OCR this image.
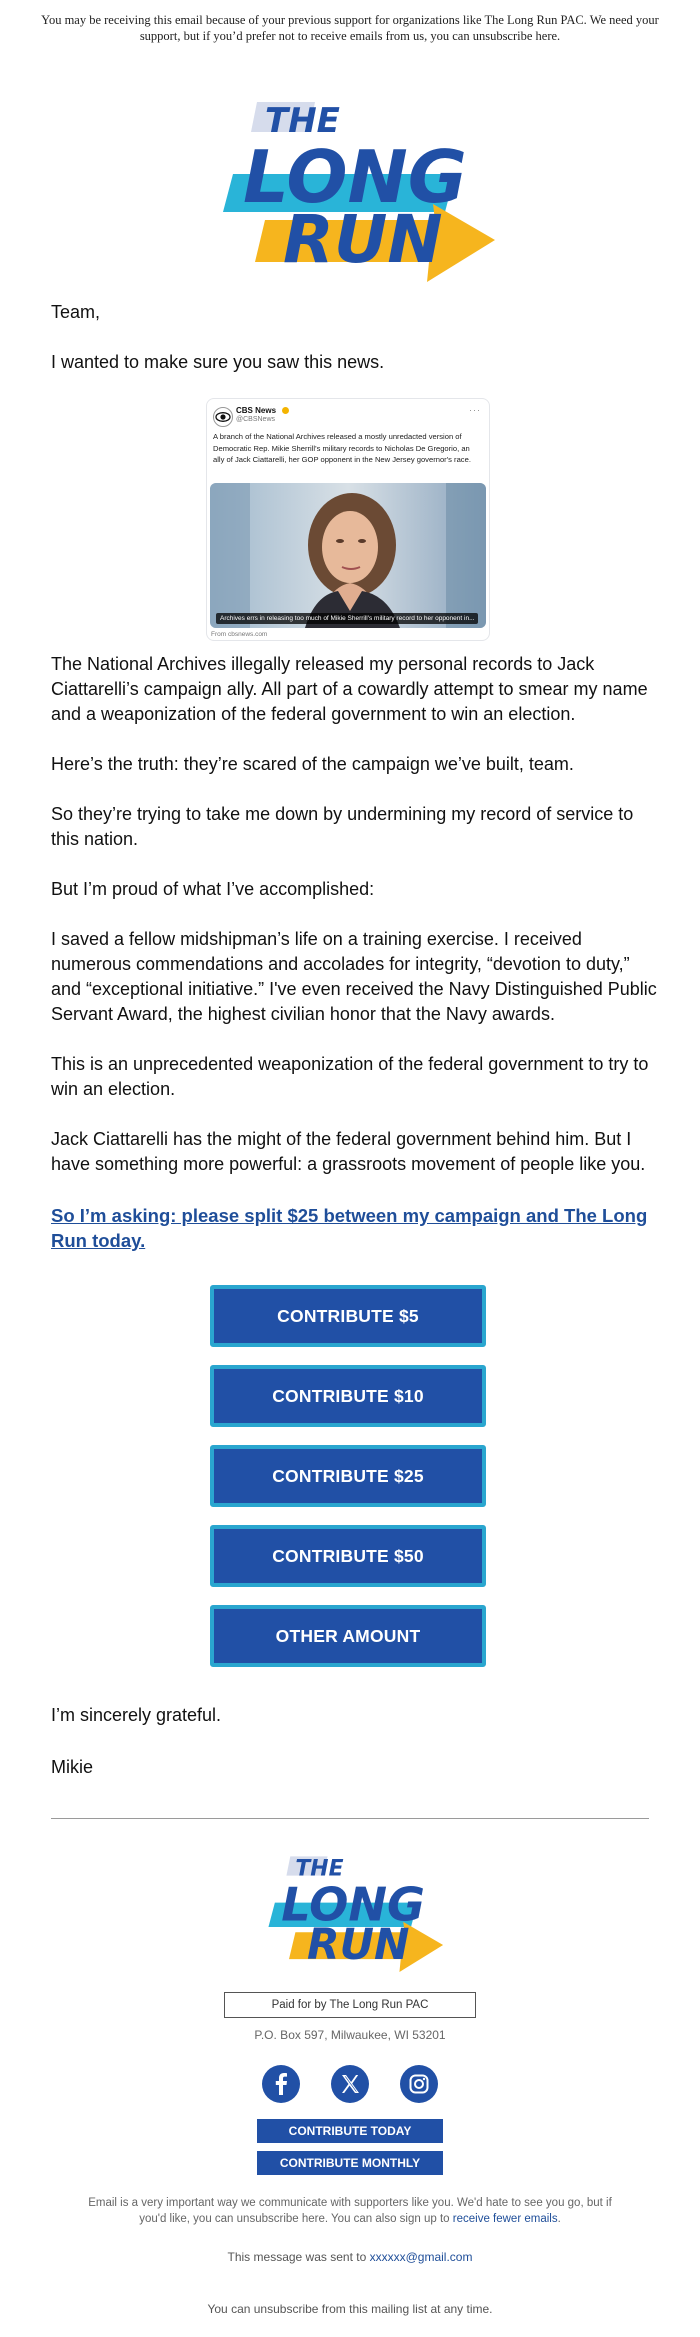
You may be receiving this email because of your previous support for organizations like The Long Run PAC. We need your support, but if you’d prefer not to receive emails from us, you can unsubscribe here.
THE
LONG
RUN
Team,
I wanted to make sure you saw this news.
CBS News
@CBSNews
···
A branch of the National Archives released a mostly unredacted version of Democratic Rep. Mikie Sherrill's military records to Nicholas De Gregorio, an ally of Jack Ciattarelli, her GOP opponent in the New Jersey governor's race.
Archives errs in releasing too much of Mikie Sherrill's military record to her opponent in...
From cbsnews.com
The National Archives illegally released my personal records to Jack Ciattarelli’s campaign ally. All part of a cowardly attempt to smear my name and a weaponization of the federal government to win an election.
Here’s the truth: they’re scared of the campaign we’ve built, team.
So they’re trying to take me down by undermining my record of service to this nation.
But I’m proud of what I’ve accomplished:
I saved a fellow midshipman’s life on a training exercise. I received numerous commendations and accolades for integrity, “devotion to duty,” and “exceptional initiative.” I've even received the Navy Distinguished Public Servant Award, the highest civilian honor that the Navy awards.
This is an unprecedented weaponization of the federal government to try to win an election.
Jack Ciattarelli has the might of the federal government behind him. But I have something more powerful: a grassroots movement of people like you.
So I’m asking: please split $25 between my campaign and The Long Run today.
CONTRIBUTE $5
CONTRIBUTE $10
CONTRIBUTE $25
CONTRIBUTE $50
OTHER AMOUNT
I’m sincerely grateful.
Mikie
THE
LONG
RUN
Paid for by The Long Run PAC
P.O. Box 597, Milwaukee, WI 53201
CONTRIBUTE TODAY
CONTRIBUTE MONTHLY
Email is a very important way we communicate with supporters like you. We'd hate to see you go, but if you'd like, you can unsubscribe here. You can also sign up to receive fewer emails.
This message was sent to xxxxxx@gmail.com
You can unsubscribe from this mailing list at any time.
